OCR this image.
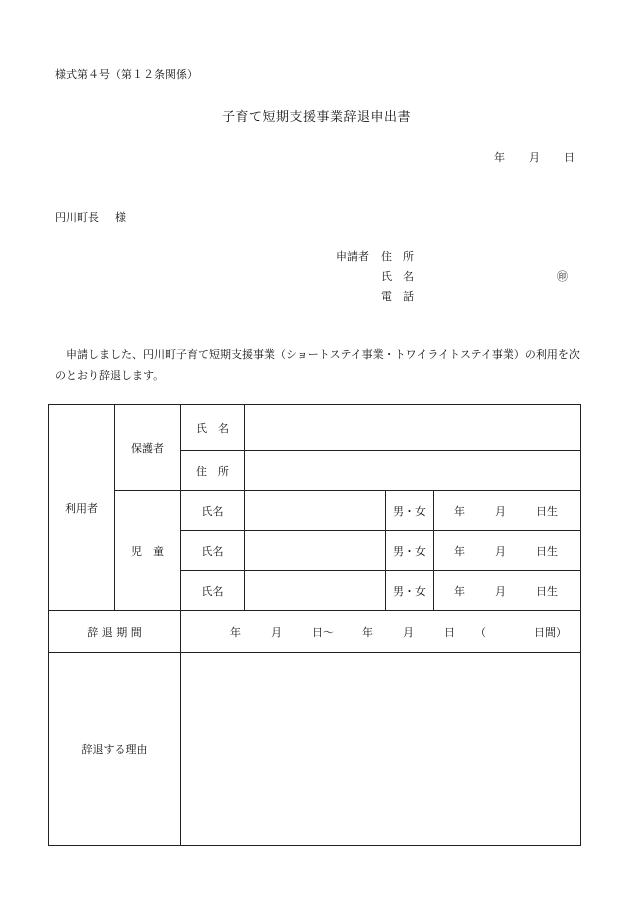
様式第４号（第１２条関係）
子育て短期支援事業辞退申出書
年 月 日
円川町長 様
申請者 住　所
氏　名	㊞
電　話
申請しました、円川町子育て短期支援事業（ショートステイ事業・トワイライトステイ事業）の利用を次のとおり辞退します。
利用者	保護者	氏　名			
		住　所			
	児　童	氏名		男・女	年 月 日生
		氏名		男・女	年 月 日生
		氏名		男・女	年 月 日生
辞 退 期 間		年 月 日～ 年 月 日 （ 日間）			
辞退する理由					
